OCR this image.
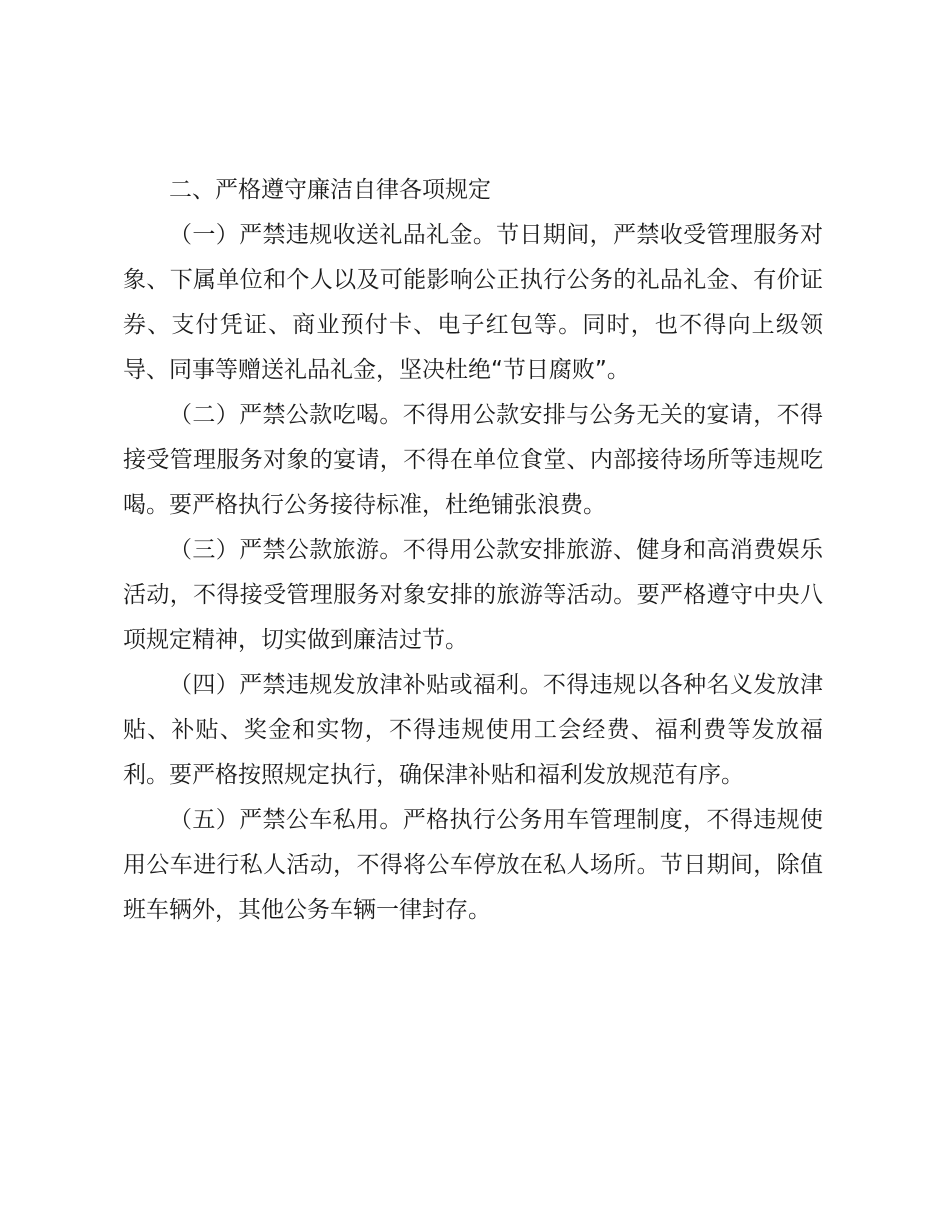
二、严格遵守廉洁自律各项规定

（一）严禁违规收送礼品礼金。节日期间，严禁收受管理服务对象、下属单位和个人以及可能影响公正执行公务的礼品礼金、有价证券、支付凭证、商业预付卡、电子红包等。同时，也不得向上级领导、同事等赠送礼品礼金，坚决杜绝“节日腐败”。

（二）严禁公款吃喝。不得用公款安排与公务无关的宴请，不得接受管理服务对象的宴请，不得在单位食堂、内部接待场所等违规吃喝。要严格执行公务接待标准，杜绝铺张浪费。

（三）严禁公款旅游。不得用公款安排旅游、健身和高消费娱乐活动，不得接受管理服务对象安排的旅游等活动。要严格遵守中央八项规定精神，切实做到廉洁过节。

（四）严禁违规发放津补贴或福利。不得违规以各种名义发放津贴、补贴、奖金和实物，不得违规使用工会经费、福利费等发放福利。要严格按照规定执行，确保津补贴和福利发放规范有序。

（五）严禁公车私用。严格执行公务用车管理制度，不得违规使用公车进行私人活动，不得将公车停放在私人场所。节日期间，除值班车辆外，其他公务车辆一律封存。
